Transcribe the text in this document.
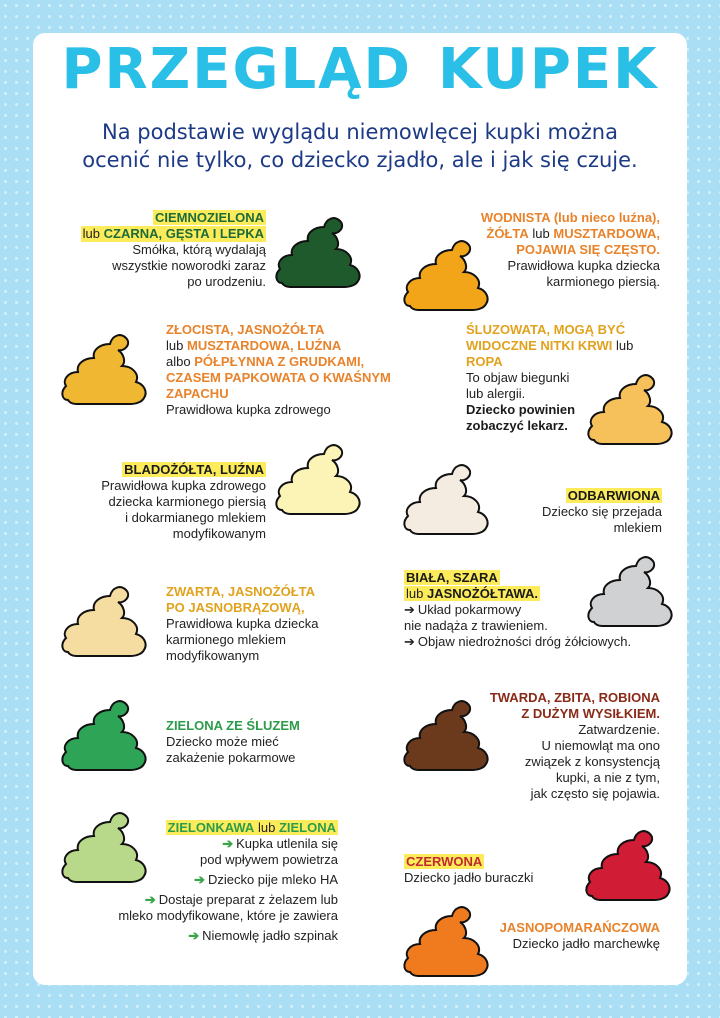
PRZEGLĄD KUPEK
Na podstawie wyglądu niemowlęcej kupki można
ocenić nie tylko, co dziecko zjadło, ale i jak się czuje.

CIEMNOZIELONA

lub CZARNA, GĘSTA I LEPKA

Smółka, którą wydalają

wszystkie noworodki zaraz

po urodzeniu.

ZŁOCISTA, JASNOŻÓŁTA

lub MUSZTARDOWA, LUŹNA

albo PÓŁPŁYNNA Z GRUDKAMI,

CZASEM PAPKOWATA O KWAŚNYM

ZAPACHU

Prawidłowa kupka zdrowego

BLADOŻÓŁTA, LUŹNA

Prawidłowa kupka zdrowego

dziecka karmionego piersią

i dokarmianego mlekiem

modyfikowanym

ZWARTA, JASNOŻÓŁTA

PO JASNOBRĄZOWĄ,

Prawidłowa kupka dziecka

karmionego mlekiem

modyfikowanym

ZIELONA ZE ŚLUZEM

Dziecko może mieć

zakażenie pokarmowe

ZIELONKAWA lub ZIELONA

➔ Kupka utlenila się

pod wpływem powietrza

➔ Dziecko pije mleko HA

➔ Dostaje preparat z żelazem lub

mleko modyfikowane, które je zawiera

➔ Niemowlę jadło szpinak

WODNISTA (lub nieco luźna),

ŻÓŁTA lub MUSZTARDOWA,

POJAWIA SIĘ CZĘSTO.

Prawidłowa kupka dziecka

karmionego piersią.

ŚLUZOWATA, MOGĄ BYĆ

WIDOCZNE NITKI KRWI lub

ROPA

To objaw biegunki

lub alergii.

Dziecko powinien

zobaczyć lekarz.

ODBARWIONA

Dziecko się przejada

mlekiem

BIAŁA, SZARA

lub JASNOŻÓŁTAWA.

➔ Układ pokarmowy

nie nadąża z trawieniem.

➔ Objaw niedrożności dróg żółciowych.

TWARDA, ZBITA, ROBIONA

Z DUŻYM WYSIŁKIEM.

Zatwardzenie.

U niemowląt ma ono

związek z konsystencją

kupki, a nie z tym,

jak często się pojawia.

CZERWONA

Dziecko jadło buraczki

JASNOPOMARAŃCZOWA

Dziecko jadło marchewkę
